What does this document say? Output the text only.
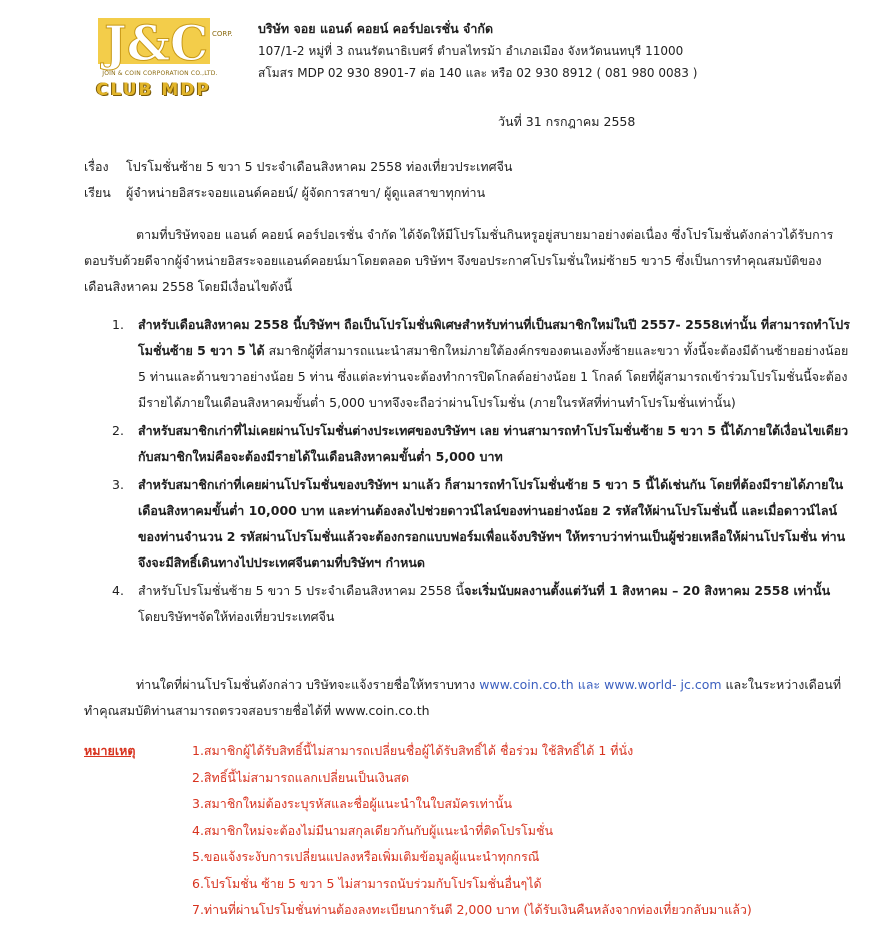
J&C CORP.
JOIN & COIN CORPORATION CO.,LTD.
CLUB MDP
บริษัท จอย แอนด์ คอยน์ คอร์ปอเรชั่น จำกัด
107/1-2 หมู่ที่ 3 ถนนรัตนาธิเบศร์ ตำบลไทรม้า อำเภอเมือง จังหวัดนนทบุรี 11000
สโมสร MDP 02 930 8901-7 ต่อ 140 และ หรือ 02 930 8912 ( 081 980 0083 )
วันที่ 31 กรกฎาคม 2558
เรื่อง โปรโมชั่นซ้าย 5 ขวา 5 ประจำเดือนสิงหาคม 2558 ท่องเที่ยวประเทศจีน
เรียน ผู้จำหน่ายอิสระจอยแอนด์คอยน์/ ผู้จัดการสาขา/ ผู้ดูแลสาขาทุกท่าน
ตามที่บริษัทจอย แอนด์ คอยน์ คอร์ปอเรชั่น จำกัด ได้จัดให้มีโปรโมชั่นกินหรูอยู่สบายมาอย่างต่อเนื่อง ซึ่งโปรโมชั่นดังกล่าวได้รับการตอบรับด้วยดีจากผู้จำหน่ายอิสระจอยแอนด์คอยน์มาโดยตลอด บริษัทฯ จึงขอประกาศโปรโมชั่นใหม่ซ้าย5 ขวา5 ซึ่งเป็นการทำคุณสมบัติของเดือนสิงหาคม 2558 โดยมีเงื่อนไขดังนี้
1. สำหรับเดือนสิงหาคม 2558 นี้บริษัทฯ ถือเป็นโปรโมชั่นพิเศษสำหรับท่านที่เป็นสมาชิกใหม่ในปี 2557- 2558เท่านั้น ที่สามารถทำโปรโมชั่นซ้าย 5 ขวา 5 ได้ สมาชิกผู้ที่สามารถแนะนำสมาชิกใหม่ภายใต้องค์กรของตนเองทั้งซ้ายและขวา ทั้งนี้จะต้องมีด้านซ้ายอย่างน้อย 5 ท่านและด้านขวาอย่างน้อย 5 ท่าน ซึ่งแต่ละท่านจะต้องทำการปิดโกลด์อย่างน้อย 1 โกลด์ โดยที่ผู้สามารถเข้าร่วมโปรโมชั่นนี้จะต้องมีรายได้ภายในเดือนสิงหาคมขั้นต่ำ 5,000 บาทจึงจะถือว่าผ่านโปรโมชั่น (ภายในรหัสที่ท่านทำโปรโมชั่นเท่านั้น)
2. สำหรับสมาชิกเก่าที่ไม่เคยผ่านโปรโมชั่นต่างประเทศของบริษัทฯ เลย ท่านสามารถทำโปรโมชั่นซ้าย 5 ขวา 5 นี้ได้ภายใต้เงื่อนไขเดียวกับสมาชิกใหม่คือจะต้องมีรายได้ในเดือนสิงหาคมขั้นต่ำ 5,000 บาท
3. สำหรับสมาชิกเก่าที่เคยผ่านโปรโมชั่นของบริษัทฯ มาแล้ว ก็สามารถทำโปรโมชั่นซ้าย 5 ขวา 5 นี้ได้เช่นกัน โดยที่ต้องมีรายได้ภายในเดือนสิงหาคมขั้นต่ำ 10,000 บาท และท่านต้องลงไปช่วยดาวน์ไลน์ของท่านอย่างน้อย 2 รหัสให้ผ่านโปรโมชั่นนี้ และเมื่อดาวน์ไลน์ของท่านจำนวน 2 รหัสผ่านโปรโมชั่นแล้วจะต้องกรอกแบบฟอร์มเพื่อแจ้งบริษัทฯ ให้ทราบว่าท่านเป็นผู้ช่วยเหลือให้ผ่านโปรโมชั่น ท่านจึงจะมีสิทธิ์เดินทางไปประเทศจีนตามที่บริษัทฯ กำหนด
4. สำหรับโปรโมชั่นซ้าย 5 ขวา 5 ประจำเดือนสิงหาคม 2558 นี้จะเริ่มนับผลงานตั้งแต่วันที่ 1 สิงหาคม – 20 สิงหาคม 2558 เท่านั้น โดยบริษัทฯจัดให้ท่องเที่ยวประเทศจีน
ท่านใดที่ผ่านโปรโมชั่นดังกล่าว บริษัทจะแจ้งรายชื่อให้ทราบทาง www.coin.co.th และ www.world- jc.com และในระหว่างเดือนที่ทำคุณสมบัติท่านสามารถตรวจสอบรายชื่อได้ที่ www.coin.co.th
หมายเหตุ	1.สมาชิกผู้ได้รับสิทธิ์นี้ไม่สามารถเปลี่ยนชื่อผู้ได้รับสิทธิ์ได้ ชื่อร่วม ใช้สิทธิ์ได้ 1 ที่นั่ง
2.สิทธิ์นี้ไม่สามารถแลกเปลี่ยนเป็นเงินสด
3.สมาชิกใหม่ต้องระบุรหัสและชื่อผู้แนะนำในใบสมัครเท่านั้น
4.สมาชิกใหม่จะต้องไม่มีนามสกุลเดียวกันกับผู้แนะนำที่ติดโปรโมชั่น
5.ขอแจ้งระงับการเปลี่ยนแปลงหรือเพิ่มเติมข้อมูลผู้แนะนำทุกกรณี
6.โปรโมชั่น ซ้าย 5 ขวา 5 ไม่สามารถนับร่วมกับโปรโมชั่นอื่นๆได้
7.ท่านที่ผ่านโปรโมชั่นท่านต้องลงทะเบียนการันตี 2,000 บาท (ได้รับเงินคืนหลังจากท่องเที่ยวกลับมาแล้ว)
